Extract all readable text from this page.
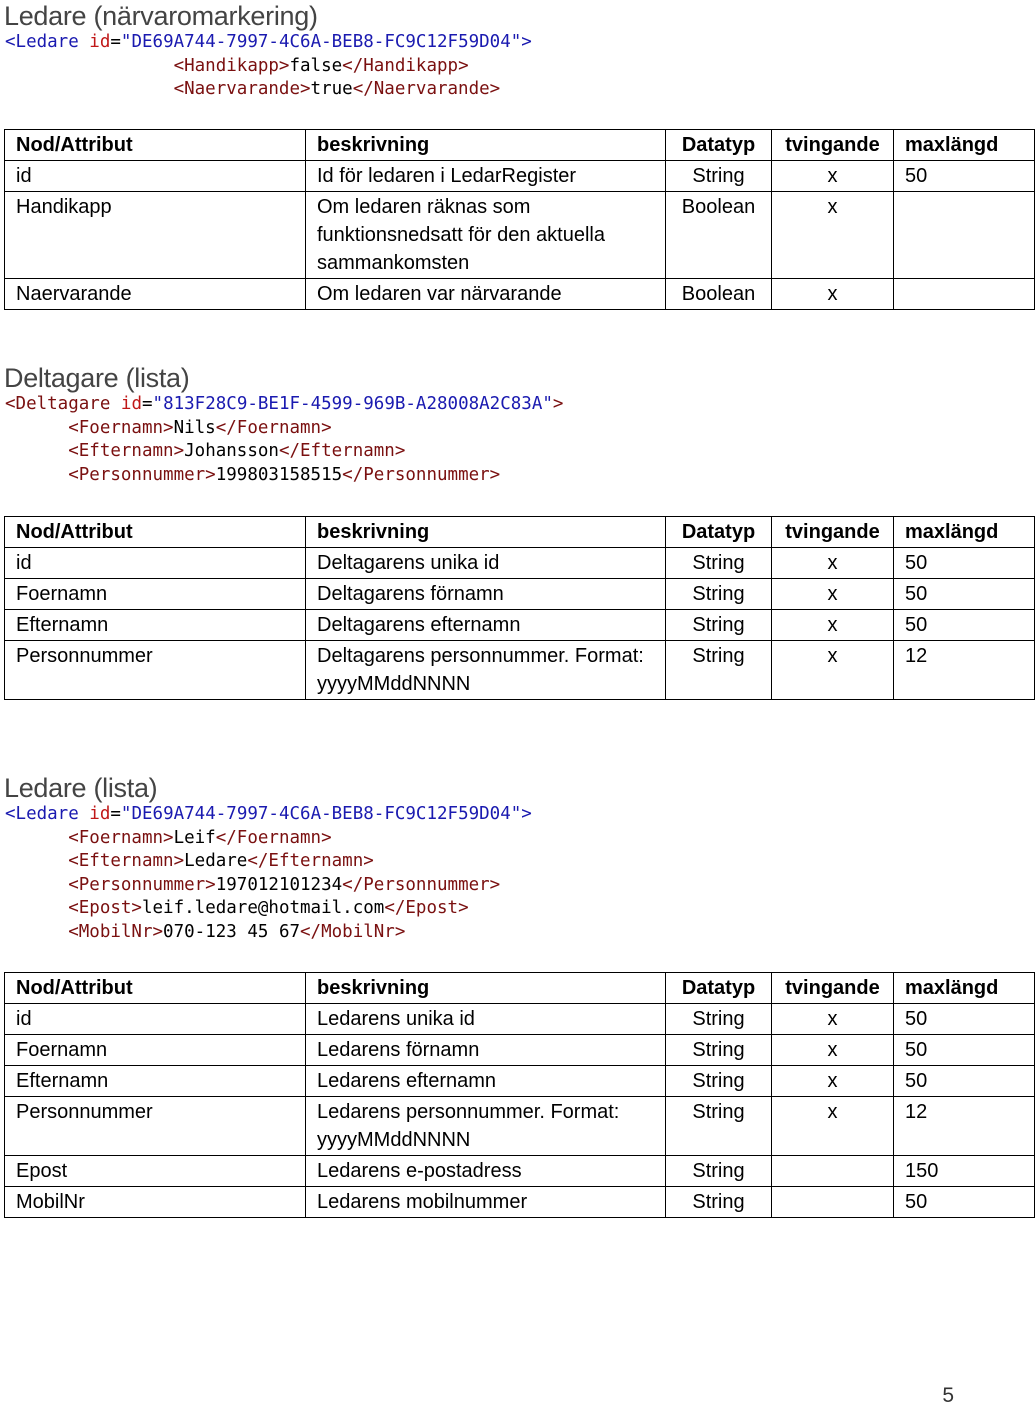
Ledare (närvaromarkering)
<Ledare id="DE69A744-7997-4C6A-BEB8-FC9C12F59D04">
<Handikapp>false</Handikapp>
<Naervarande>true</Naervarande>
Nod/Attribut	beskrivning	Datatyp	tvingande	maxlängd
id	Id för ledaren i LedarRegister	String	x	50
Handikapp	Om ledaren räknas som funktionsnedsatt för den aktuella sammankomsten	Boolean	x	
Naervarande	Om ledaren var närvarande	Boolean	x	
Deltagare (lista)
<Deltagare id="813F28C9-BE1F-4599-969B-A28008A2C83A">
<Foernamn>Nils</Foernamn>
<Efternamn>Johansson</Efternamn>
<Personnummer>199803158515</Personnummer>
Nod/Attribut	beskrivning	Datatyp	tvingande	maxlängd
id	Deltagarens unika id	String	x	50
Foernamn	Deltagarens förnamn	String	x	50
Efternamn	Deltagarens efternamn	String	x	50
Personnummer	Deltagarens personnummer. Format: yyyyMMddNNNN	String	x	12
Ledare (lista)
<Ledare id="DE69A744-7997-4C6A-BEB8-FC9C12F59D04">
<Foernamn>Leif</Foernamn>
<Efternamn>Ledare</Efternamn>
<Personnummer>197012101234</Personnummer>
<Epost>leif.ledare@hotmail.com</Epost>
<MobilNr>070-123 45 67</MobilNr>
Nod/Attribut	beskrivning	Datatyp	tvingande	maxlängd
id	Ledarens unika id	String	x	50
Foernamn	Ledarens förnamn	String	x	50
Efternamn	Ledarens efternamn	String	x	50
Personnummer	Ledarens personnummer. Format: yyyyMMddNNNN	String	x	12
Epost	Ledarens e-postadress	String		150
MobilNr	Ledarens mobilnummer	String		50
5
